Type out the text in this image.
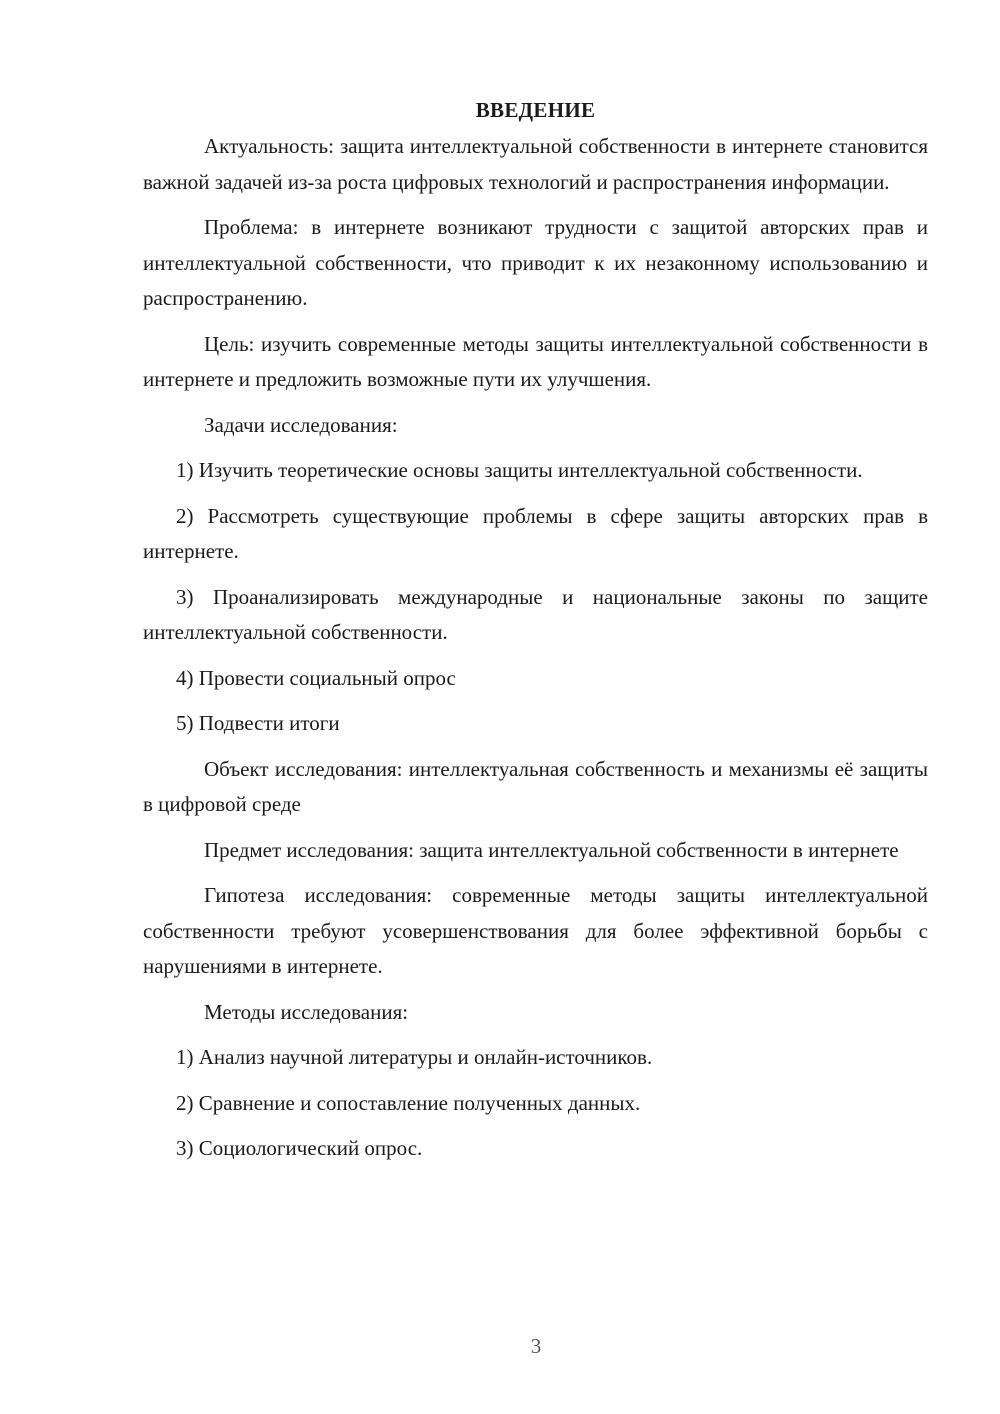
ВВЕДЕНИЕ

Актуальность: защита интеллектуальной собственности в интернете становится важной задачей из-за роста цифровых технологий и распространения информации.

Проблема: в интернете возникают трудности с защитой авторских прав и интеллектуальной собственности, что приводит к их незаконному использованию и распространению.

Цель: изучить современные методы защиты интеллектуальной собственности в интернете и предложить возможные пути их улучшения.

Задачи исследования:

1) Изучить теоретические основы защиты интеллектуальной собственности.

2) Рассмотреть существующие проблемы в сфере защиты авторских прав в интернете.

3) Проанализировать международные и национальные законы по защите интеллектуальной собственности.

4) Провести социальный опрос

5) Подвести итоги

Объект исследования: интеллектуальная собственность и механизмы её защиты в цифровой среде

Предмет исследования: защита интеллектуальной собственности в интернете

Гипотеза исследования: современные методы защиты интеллектуальной собственности требуют усовершенствования для более эффективной борьбы с нарушениями в интернете.

Методы исследования:

1) Анализ научной литературы и онлайн-источников.

2) Сравнение и сопоставление полученных данных.

3) Социологический опрос.

3
